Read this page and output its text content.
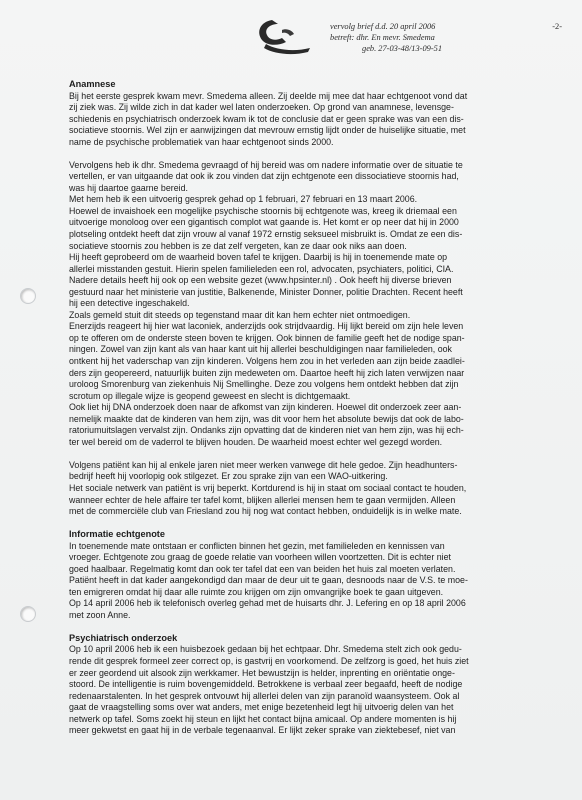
vervolg brief d.d. 20 april 2006
betreft: dhr. En mevr. Smedema
geb. 27-03-48/13-09-51
-2-
Anamnese
Bij het eerste gesprek kwam mevr. Smedema alleen. Zij deelde mij mee dat haar echtgenoot vond dat
zij ziek was. Zij wilde zich in dat kader wel laten onderzoeken. Op grond van anamnese, levensge-
schiedenis en psychiatrisch onderzoek kwam ik tot de conclusie dat er geen sprake was van een dis-
sociatieve stoornis. Wel zijn er aanwijzingen dat mevrouw ernstig lijdt onder de huiselijke situatie, met
name de psychische problematiek van haar echtgenoot sinds 2000.
Vervolgens heb ik dhr. Smedema gevraagd of hij bereid was om nadere informatie over de situatie te
vertellen, er van uitgaande dat ook ik zou vinden dat zijn echtgenote een dissociatieve stoornis had,
was hij daartoe gaarne bereid.
Met hem heb ik een uitvoerig gesprek gehad op 1 februari, 27 februari en 13 maart 2006.
Hoewel de invaishoek een mogelijke psychische stoornis bij echtgenote was, kreeg ik driemaal een
uitvoerige monoloog over een gigantisch complot wat gaande is. Het komt er op neer dat hij in 2000
plotseling ontdekt heeft dat zijn vrouw al vanaf 1972 ernstig seksueel misbruikt is. Omdat ze een dis-
sociatieve stoornis zou hebben is ze dat zelf vergeten, kan ze daar ook niks aan doen.
Hij heeft geprobeerd om de waarheid boven tafel te krijgen. Daarbij is hij in toenemende mate op
allerlei misstanden gestuit. Hierin spelen familieleden een rol, advocaten, psychiaters, politici, CIA.
Nadere details heeft hij ook op een website gezet (www.hpsinter.nl) . Ook heeft hij diverse brieven
gestuurd naar het ministerie van justitie, Balkenende, Minister Donner, politie Drachten. Recent heeft
hij een detective ingeschakeld.
Zoals gemeld stuit dit steeds op tegenstand maar dit kan hem echter niet ontmoedigen.
Enerzijds reageert hij hier wat laconiek, anderzijds ook strijdvaardig. Hij lijkt bereid om zijn hele leven
op te offeren om de onderste steen boven te krijgen. Ook binnen de familie geeft het de nodige span-
ningen. Zowel van zijn kant als van haar kant uit hij allerlei beschuldigingen naar familieleden, ook
ontkent hij het vaderschap van zijn kinderen. Volgens hem zou in het verleden aan zijn beide zaadlei-
ders zijn geopereerd, natuurlijk buiten zijn medeweten om. Daartoe heeft hij zich laten verwijzen naar
uroloog Smorenburg van ziekenhuis Nij Smellinghe. Deze zou volgens hem ontdekt hebben dat zijn
scrotum op illegale wijze is geopend geweest en slecht is dichtgemaakt.
Ook liet hij DNA onderzoek doen naar de afkomst van zijn kinderen. Hoewel dit onderzoek zeer aan-
nemelijk maakte dat de kinderen van hem zijn, was dit voor hem het absolute bewijs dat ook de labo-
ratoriumuitslagen vervalst zijn. Ondanks zijn opvatting dat de kinderen niet van hem zijn, was hij ech-
ter wel bereid om de vaderrol te blijven houden. De waarheid moest echter wel gezegd worden.
Volgens patiënt kan hij al enkele jaren niet meer werken vanwege dit hele gedoe. Zijn headhunters-
bedrijf heeft hij voorlopig ook stilgezet. Er zou sprake zijn van een WAO-uitkering.
Het sociale netwerk van patiënt is vrij beperkt. Kortdurend is hij in staat om sociaal contact te houden,
wanneer echter de hele affaire ter tafel komt, blijken allerlei mensen hem te gaan vermijden. Alleen
met de commerciële club van Friesland zou hij nog wat contact hebben, onduidelijk is in welke mate.
Informatie echtgenote
In toenemende mate ontstaan er conflicten binnen het gezin, met familieleden en kennissen van
vroeger. Echtgenote zou graag de goede relatie van voorheen willen voortzetten. Dit is echter niet
goed haalbaar. Regelmatig komt dan ook ter tafel dat een van beiden het huis zal moeten verlaten.
Patiënt heeft in dat kader aangekondigd dan maar de deur uit te gaan, desnoods naar de V.S. te moe-
ten emigreren omdat hij daar alle ruimte zou krijgen om zijn omvangrijke boek te gaan uitgeven.
Op 14 april 2006 heb ik telefonisch overleg gehad met de huisarts dhr. J. Lefering en op 18 april 2006
met zoon Anne.
Psychiatrisch onderzoek
Op 10 april 2006 heb ik een huisbezoek gedaan bij het echtpaar. Dhr. Smedema stelt zich ook gedu-
rende dit gesprek formeel zeer correct op, is gastvrij en voorkomend. De zelfzorg is goed, het huis ziet
er zeer geordend uit alsook zijn werkkamer. Het bewustzijn is helder, inprenting en oriëntatie onge-
stoord. De intelligentie is ruim bovengemiddeld. Betrokkene is verbaal zeer begaafd, heeft de nodige
redenaarstalenten. In het gesprek ontvouwt hij allerlei delen van zijn paranoïd waansysteem. Ook al
gaat de vraagstelling soms over wat anders, met enige bezetenheid legt hij uitvoerig delen van het
netwerk op tafel. Soms zoekt hij steun en lijkt het contact bijna amicaal. Op andere momenten is hij
meer gekwetst en gaat hij in de verbale tegenaanval. Er lijkt zeker sprake van ziektebesef, niet van
